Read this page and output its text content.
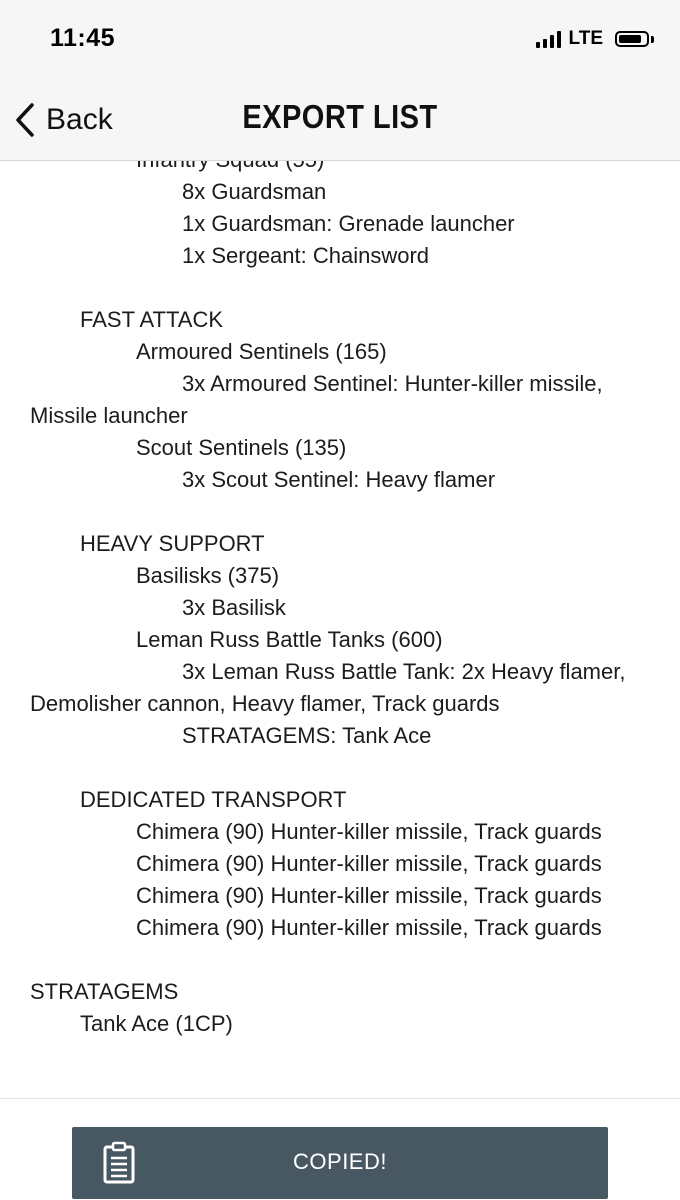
8x Guardsman
1x Guardsman: Grenade launcher
1x Sergeant: Chainsword
FAST ATTACK
Armoured Sentinels (165)
3x Armoured Sentinel: Hunter-killer missile,
Missile launcher
Scout Sentinels (135)
3x Scout Sentinel: Heavy flamer
HEAVY SUPPORT
Basilisks (375)
3x Basilisk
Leman Russ Battle Tanks (600)
3x Leman Russ Battle Tank: 2x Heavy flamer,
Demolisher cannon, Heavy flamer, Track guards
STRATAGEMS: Tank Ace
DEDICATED TRANSPORT
Chimera (90) Hunter-killer missile, Track guards
Chimera (90) Hunter-killer missile, Track guards
Chimera (90) Hunter-killer missile, Track guards
Chimera (90) Hunter-killer missile, Track guards
STRATAGEMS
Tank Ace (1CP)
11:45	LTE
Back	EXPORT LIST
COPIED!
